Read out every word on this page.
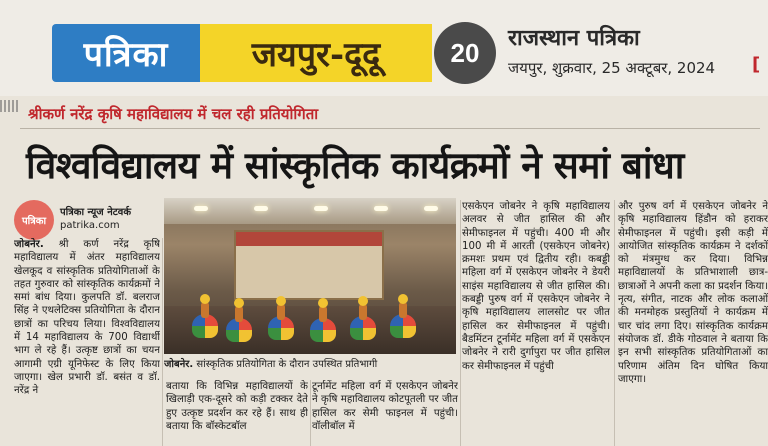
पत्रिका जयपुर-दूदू	20 राजस्थान पत्रिका
जयपुर, शुक्रवार, 25 अक्टूबर, 2024 [
श्रीकर्ण नरेंद्र कृषि महाविद्यालय में चल रही प्रतियोगिता
विश्वविद्यालय में सांस्कृतिक कार्यक्रमों ने समां बांधा
पत्रिका
पत्रिका न्यूज नेटवर्क
patrika.com
जोबनेर. सांस्कृतिक प्रतियोगिता के दौरान उपस्थित प्रतिभागी
जोबनेर. श्री कर्ण नरेंद्र कृषि महाविद्यालय में अंतर महाविद्यालय खेलकूद व सांस्कृतिक प्रतियोगिताओं के तहत गुरुवार को सांस्कृतिक कार्यक्रमों ने समां बांध दिया। कुलपति डॉ. बलराज सिंह ने एथलेटिक्स प्रतियोगिता के दौरान छात्रों का परिचय लिया। विश्वविद्यालय में 14 महाविद्यालय के 700 विद्यार्थी भाग ले रहे हैं। उत्कृष्ट छात्रों का चयन आगामी एग्री यूनिफेस्ट के लिए किया जाएगा। खेल प्रभारी डॉ. बसंत व डॉ. नरेंद्र ने	बताया कि विभिन्न महाविद्यालयों के खिलाड़ी एक-दूसरे को कड़ी टक्कर देते हुए उत्कृष्ट प्रदर्शन कर रहे हैं। साथ ही बताया कि बॉस्केटबॉल
टूर्नामेंट महिला वर्ग में एसकेएन जोबनेर ने कृषि महाविद्यालय कोटपूतली पर जीत हासिल कर सेमी फाइनल में पहुंची। वॉलीबॉल में
एसकेएन जोबनेर ने कृषि महाविद्यालय अलवर से जीत हासिल की और सेमीफाइनल में पहुंची। 400 मी और 100 मी में आरती (एसकेएन जोबनेर) क्रमशः प्रथम एवं द्वितीय रही। कबड्डी महिला वर्ग में एसकेएन जोबनेर ने डेयरी साइंस महाविद्यालय से जीत हासिल की। कबड्डी पुरुष वर्ग में एसकेएन जोबनेर ने कृषि महाविद्यालय लालसोट पर जीत हासिल कर सेमीफाइनल में पहुंची। बैडमिंटन टूर्नामेंट महिला वर्ग में एसकेएन जोबनेर ने रारी दुर्गापुरा पर जीत हासिल कर सेमीफाइनल में पहुंची
और पुरुष वर्ग में एसकेएन जोबनेर ने कृषि महाविद्यालय हिंडौन को हराकर सेमीफाइनल में पहुंची। इसी कड़ी में आयोजित सांस्कृतिक कार्यक्रम ने दर्शकों को मंत्रमुग्ध कर दिया। विभिन्न महाविद्यालयों के प्रतिभाशाली छात्र-छात्राओं ने अपनी कला का प्रदर्शन किया। नृत्य, संगीत, नाटक और लोक कलाओं की मनमोहक प्रस्तुतियों ने कार्यक्रम में चार चांद लगा दिए। सांस्कृतिक कार्यक्रम संयोजक डॉ. डीके गोठवाल ने बताया कि इन सभी सांस्कृतिक प्रतियोगिताओं का परिणाम अंतिम दिन घोषित किया जाएगा।
